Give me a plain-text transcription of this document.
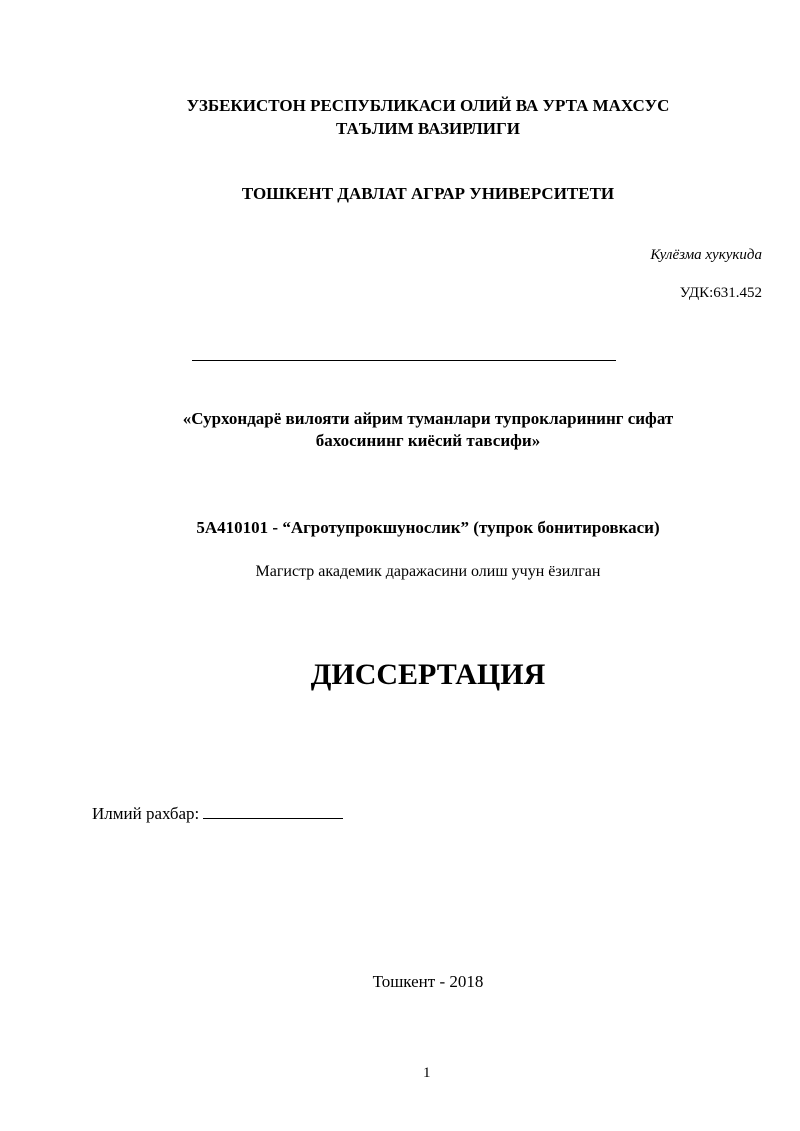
УЗБЕКИСТОН РЕСПУБЛИКАСИ ОЛИЙ ВА УРТА МАХСУС
ТАЪЛИМ ВАЗИРЛИГИ
ТОШКЕНТ ДАВЛАТ АГРАР УНИВЕРСИТЕТИ
Кулёзма хукукида
УДК:631.452
«Сурхондарё вилояти айрим туманлари тупрокларининг сифат
бахосининг киёсий тавсифи»
5А410101 - “Агротупрокшунослик” (тупрок бонитировкаси)
Магистр академик даражасини олиш учун ёзилган
ДИССЕРТАЦИЯ
Илмий рахбар:
Тошкент - 2018
1
